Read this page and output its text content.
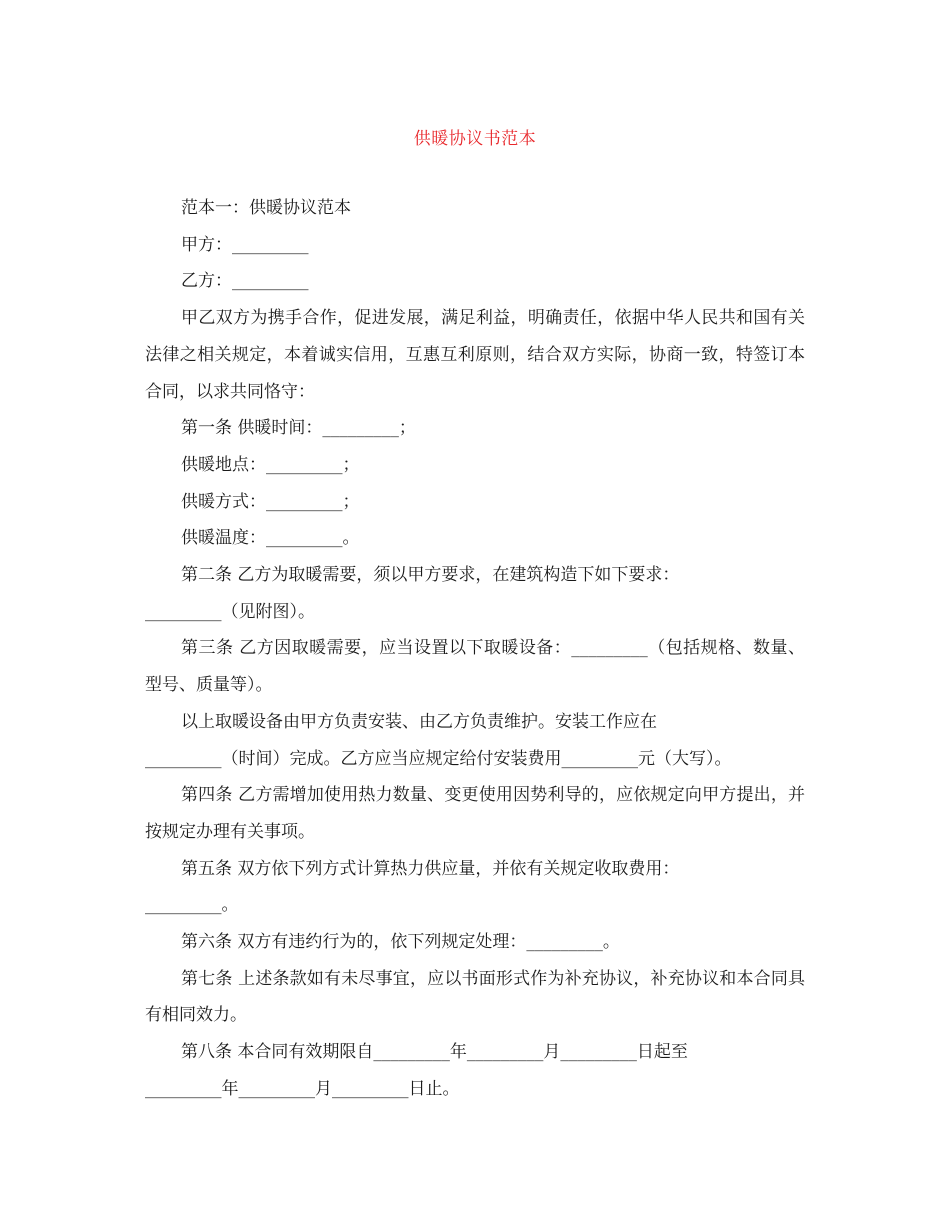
供暖协议书范本

范本一：供暖协议范本

甲方：_________

乙方：_________

甲乙双方为携手合作，促进发展，满足利益，明确责任，依据中华人民共和国有关法律之相关规定，本着诚实信用，互惠互利原则，结合双方实际，协商一致，特签订本合同，以求共同恪守：

第一条 供暖时间：_________；

供暖地点：_________；

供暖方式：_________；

供暖温度：_________。

第二条 乙方为取暖需要，须以甲方要求，在建筑构造下如下要求：

_________（见附图）。

第三条 乙方因取暖需要，应当设置以下取暖设备：_________（包括规格、数量、型号、质量等）。

以上取暖设备由甲方负责安装、由乙方负责维护。安装工作应在

_________（时间）完成。乙方应当应规定给付安装费用_________元（大写）。

第四条 乙方需增加使用热力数量、变更使用因势利导的，应依规定向甲方提出，并按规定办理有关事项。

第五条 双方依下列方式计算热力供应量，并依有关规定收取费用：

_________。

第六条 双方有违约行为的，依下列规定处理：_________。

第七条 上述条款如有未尽事宜，应以书面形式作为补充协议，补充协议和本合同具有相同效力。

第八条 本合同有效期限自_________年_________月_________日起至

_________年_________月_________日止。
